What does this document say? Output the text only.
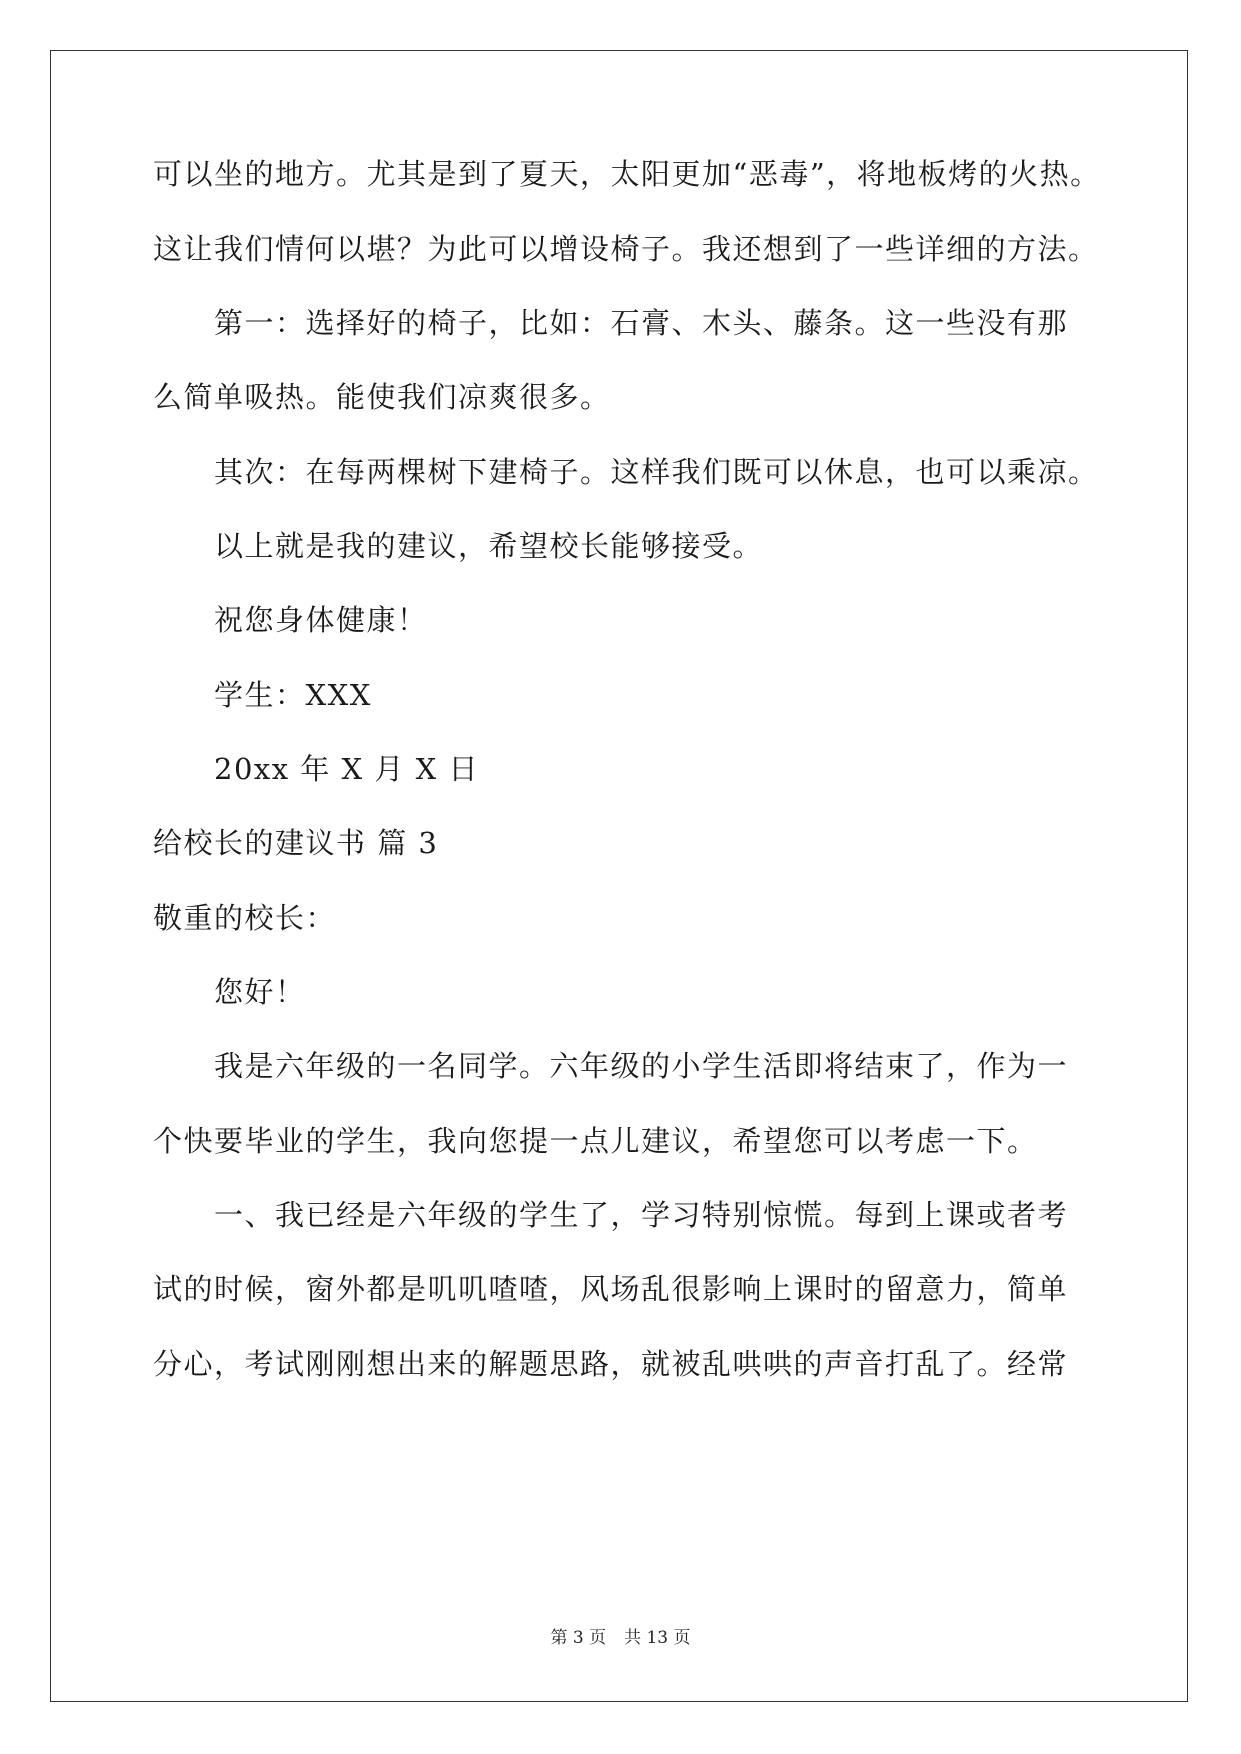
可以坐的地方。尤其是到了夏天，太阳更加“恶毒”，将地板烤的火热。
这让我们情何以堪？为此可以增设椅子。我还想到了一些详细的方法。
第一：选择好的椅子，比如：石膏、木头、藤条。这一些没有那
么简单吸热。能使我们凉爽很多。
其次：在每两棵树下建椅子。这样我们既可以休息，也可以乘凉。
以上就是我的建议，希望校长能够接受。
祝您身体健康！
学生：XXX
20xx 年 X 月 X 日
给校长的建议书 篇 3
敬重的校长：
您好！
我是六年级的一名同学。六年级的小学生活即将结束了，作为一
个快要毕业的学生，我向您提一点儿建议，希望您可以考虑一下。
一、我已经是六年级的学生了，学习特别惊慌。每到上课或者考
试的时候，窗外都是叽叽喳喳，风场乱很影响上课时的留意力，简单
分心，考试刚刚想出来的解题思路，就被乱哄哄的声音打乱了。经常
第 3 页 共 13 页
